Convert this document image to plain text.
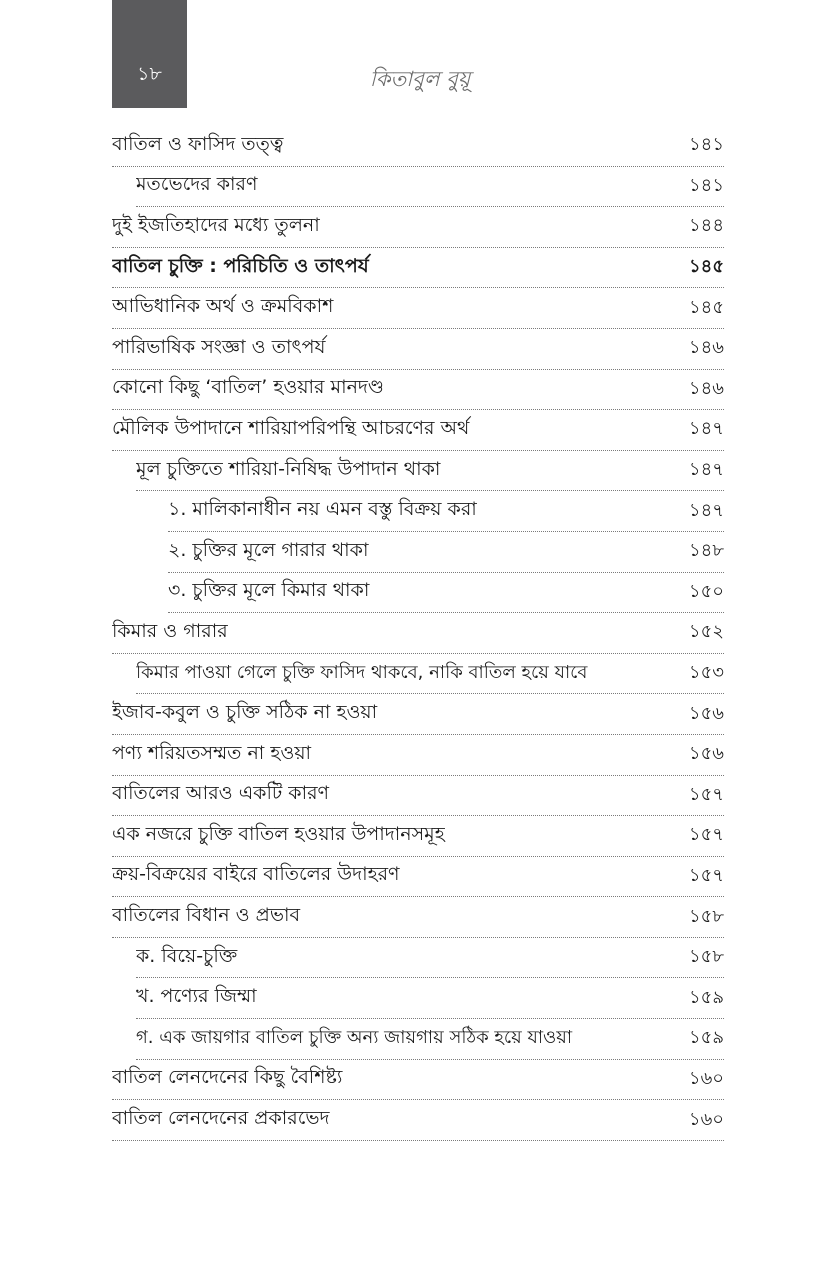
১৮	কিতাবুল বুয়ূ
বাতিল ও ফাসিদ তত্ত্ব	১৪১
মতভেদের কারণ	১৪১
দুই ইজতিহাদের মধ্যে তুলনা	১৪৪
বাতিল চুক্তি : পরিচিতি ও তাৎপর্য	১৪৫
আভিধানিক অর্থ ও ক্রমবিকাশ	১৪৫
পারিভাষিক সংজ্ঞা ও তাৎপর্য	১৪৬
কোনো কিছু ‘বাতিল’ হওয়ার মানদণ্ড	১৪৬
মৌলিক উপাদানে শারিয়াপরিপন্থি আচরণের অর্থ	১৪৭
মূল চুক্তিতে শারিয়া-নিষিদ্ধ উপাদান থাকা	১৪৭
১. মালিকানাধীন নয় এমন বস্তু বিক্রয় করা	১৪৭
২. চুক্তির মূলে গারার থাকা	১৪৮
৩. চুক্তির মূলে কিমার থাকা	১৫০
কিমার ও গারার	১৫২
কিমার পাওয়া গেলে চুক্তি ফাসিদ থাকবে, নাকি বাতিল হয়ে যাবে	১৫৩
ইজাব-কবুল ও চুক্তি সঠিক না হওয়া	১৫৬
পণ্য শরিয়তসম্মত না হওয়া	১৫৬
বাতিলের আরও একটি কারণ	১৫৭
এক নজরে চুক্তি বাতিল হওয়ার উপাদানসমূহ	১৫৭
ক্রয়-বিক্রয়ের বাইরে বাতিলের উদাহরণ	১৫৭
বাতিলের বিধান ও প্রভাব	১৫৮
ক. বিয়ে-চুক্তি	১৫৮
খ. পণ্যের জিম্মা	১৫৯
গ. এক জায়গার বাতিল চুক্তি অন্য জায়গায় সঠিক হয়ে যাওয়া	১৫৯
বাতিল লেনদেনের কিছু বৈশিষ্ট্য	১৬০
বাতিল লেনদেনের প্রকারভেদ	১৬০
